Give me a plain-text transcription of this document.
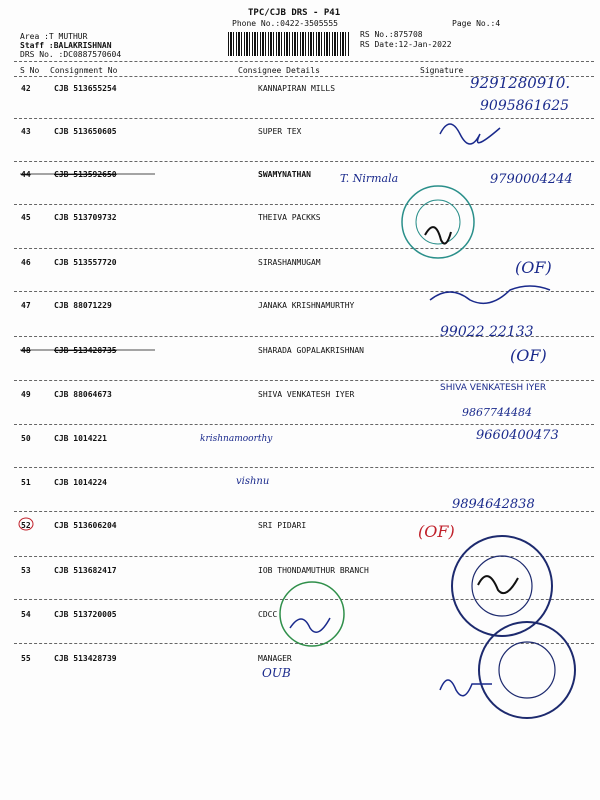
TPC/CJB DRS - P41
Phone No.:0422-3505555	Page No.:4
Area :T MUTHUR
Staff :BALAKRISHNAN
DRS No. :DC0887570604
RS No.:875708
RS Date:12-Jan-2022
S No Consignment No	Consignee Details	Signature
42	CJB 513655254	KANNAPIRAN MILLS
43	CJB 513650605	SUPER TEX
44	CJB 513592650	SWAMYNATHAN
45	CJB 513709732	THEIVA PACKKS
46	CJB 513557720	SIRASHANMUGAM
47	CJB 88071229	JANAKA KRISHNAMURTHY
48	CJB 513428735	SHARADA GOPALAKRISHNAN
49	CJB 88064673	SHIVA VENKATESH IYER
50	CJB 1014221
51	CJB 1014224
52	CJB 513606204	SRI PIDARI
53	CJB 513682417	IOB THONDAMUTHUR BRANCH
54	CJB 513720005	CDCC
55	CJB 513428739	MANAGER
9291280910.
9095861625
T. Nirmala	9790004244
(OF)
99022 22133
(OF)
SHIVA VENKATESH IYER
9867744484
krishnamoorthy	9660400473
vishnu
9894642838
(OF)
OUB
